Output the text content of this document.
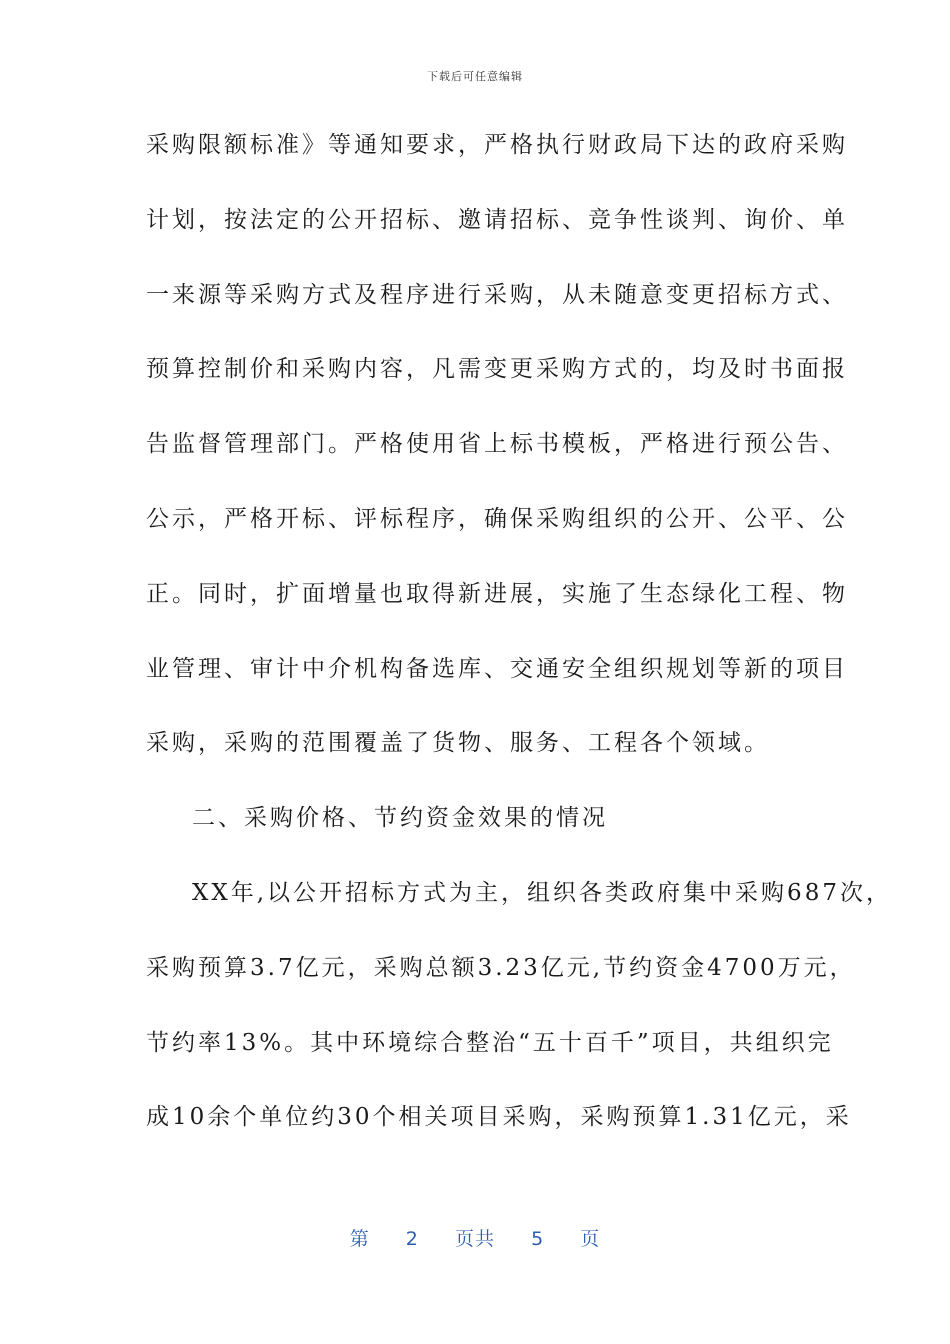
下载后可任意编辑
采购限额标准》等通知要求，严格执行财政局下达的政府采购
计划，按法定的公开招标、邀请招标、竞争性谈判、询价、单
一来源等采购方式及程序进行采购，从未随意变更招标方式、
预算控制价和采购内容，凡需变更采购方式的，均及时书面报
告监督管理部门。严格使用省上标书模板，严格进行预公告、
公示，严格开标、评标程序，确保采购组织的公开、公平、公
正。同时，扩面增量也取得新进展，实施了生态绿化工程、物
业管理、审计中介机构备选库、交通安全组织规划等新的项目
采购，采购的范围覆盖了货物、服务、工程各个领域。
二、采购价格、节约资金效果的情况
XX年,以公开招标方式为主，组织各类政府集中采购687次，
采购预算3.7亿元，采购总额3.23亿元,节约资金4700万元，
节约率13%。其中环境综合整治“五十百千”项目，共组织完
成10余个单位约30个相关项目采购，采购预算1.31亿元，采
第 2 页共 5 页
